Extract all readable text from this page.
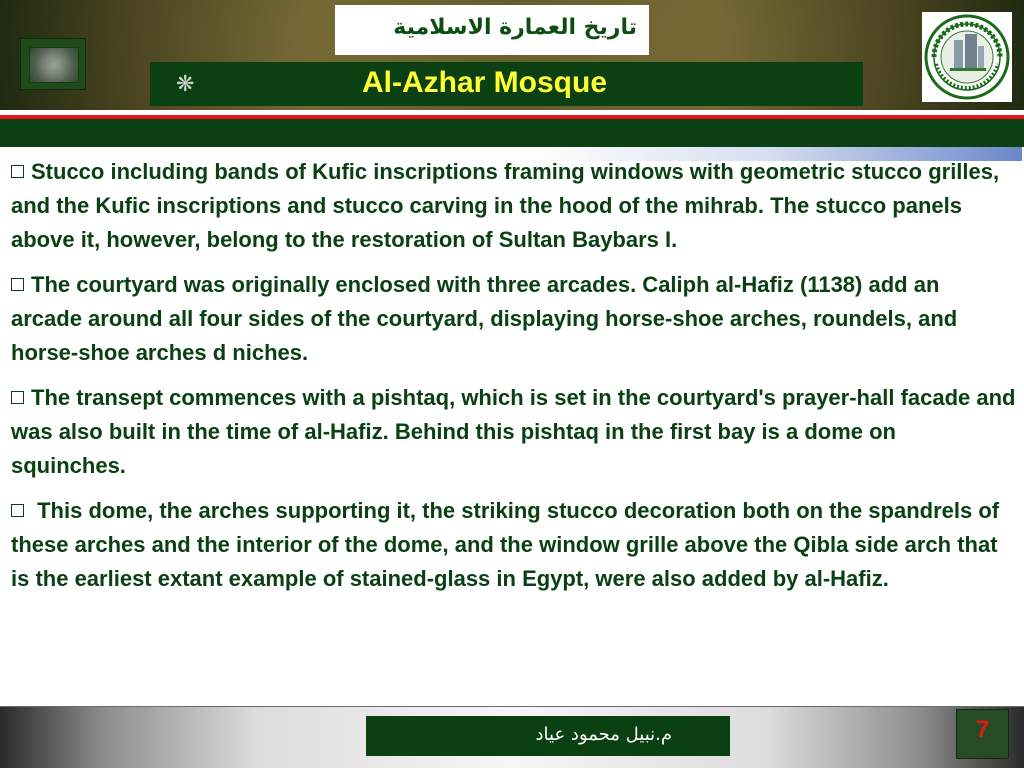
تاريخ العمارة الاسلامية
❋	Al-Azhar Mosque

Stucco including bands of Kufic inscriptions framing windows with geometric stucco grilles, and the Kufic inscriptions and stucco carving in the hood of the mihrab. The stucco panels above it, however, belong to the restoration of Sultan Baybars I.

The courtyard was originally enclosed with three arcades. Caliph al-Hafiz (1138) add an arcade around all four sides of the courtyard, displaying horse-shoe arches, roundels, and horse-shoe arches d niches.

The transept commences with a pishtaq, which is set in the courtyard's prayer-hall facade and was also built in the time of al-Hafiz. Behind this pishtaq in the first bay is a dome on squinches.

This dome, the arches supporting it, the striking stucco decoration both on the spandrels of these arches and the interior of the dome, and the window grille above the Qibla side arch that is the earliest extant example of stained-glass in Egypt, were also added by al-Hafiz.

م.نبيل محمود عياد	7
